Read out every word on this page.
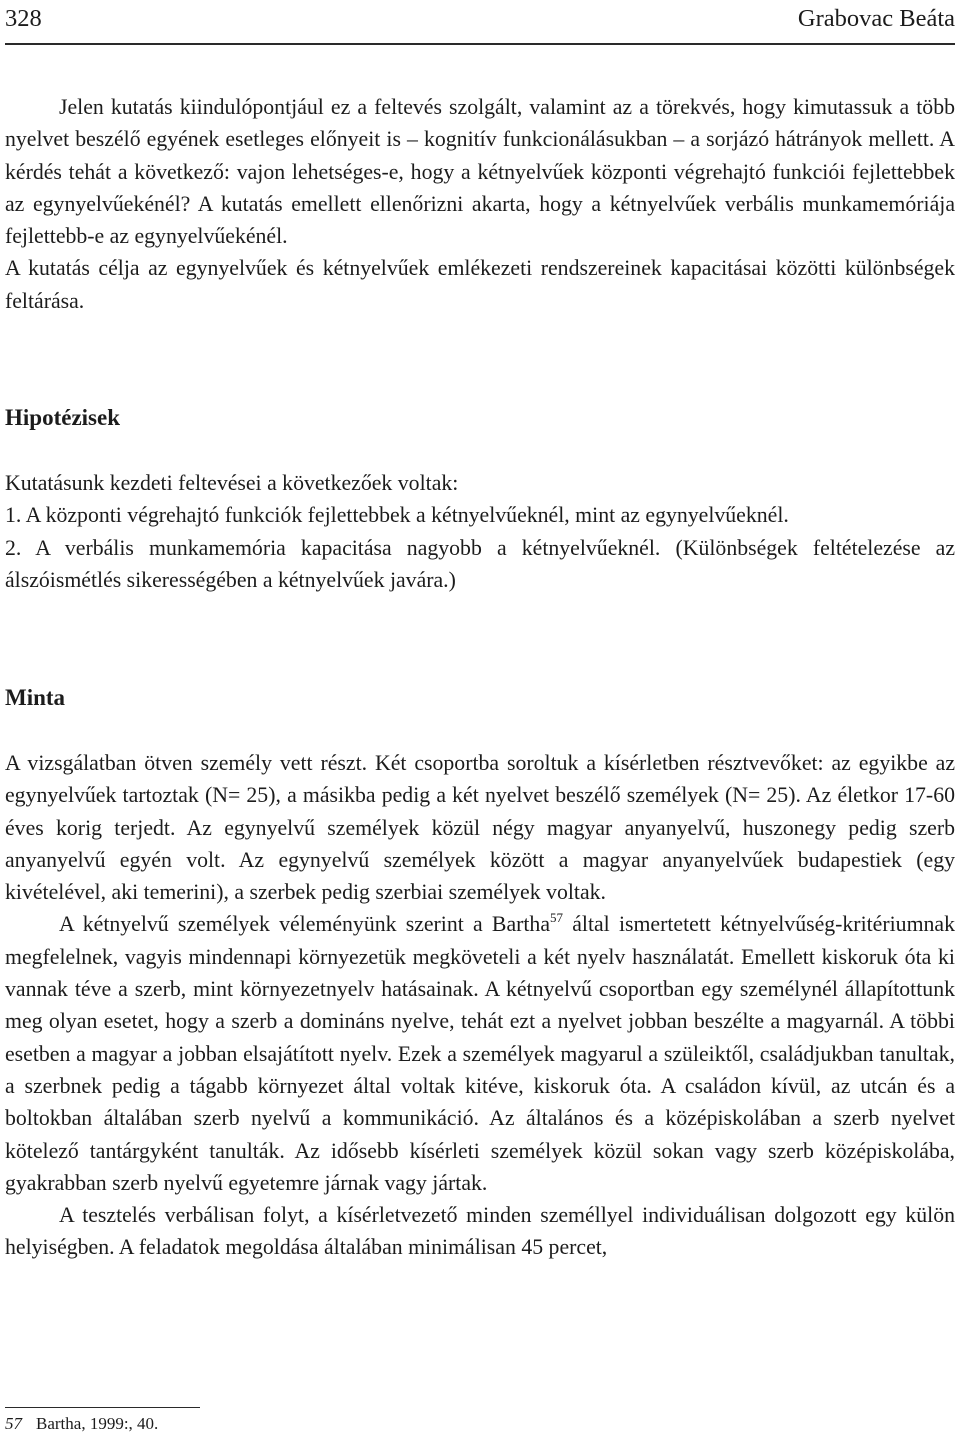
328	Grabovac Beáta

Jelen kutatás kiindulópontjául ez a feltevés szolgált, valamint az a törekvés, hogy kimutassuk a több nyelvet beszélő egyének esetleges előnyeit is – kognitív funkcionálásukban – a sorjázó hátrányok mellett. A kérdés tehát a következő: vajon lehetséges-e, hogy a kétnyelvűek központi végrehajtó funkciói fejlettebbek az egynyelvűekénél? A kutatás emellett ellenőrizni akarta, hogy a kétnyelvűek verbális munkamemóriája fejlettebb-e az egynyelvűekénél.

A kutatás célja az egynyelvűek és kétnyelvűek emlékezeti rendszereinek kapacitásai közötti különbségek feltárása.

Hipotézisek

Kutatásunk kezdeti feltevései a következőek voltak:

1. A központi végrehajtó funkciók fejlettebbek a kétnyelvűeknél, mint az egynyelvűeknél.

2. A verbális munkamemória kapacitása nagyobb a kétnyelvűeknél. (Különbségek feltételezése az álszóismétlés sikerességében a kétnyelvűek javára.)

Minta

A vizsgálatban ötven személy vett részt. Két csoportba soroltuk a kísérletben résztvevőket: az egyikbe az egynyelvűek tartoztak (N= 25), a másikba pedig a két nyelvet beszélő személyek (N= 25). Az életkor 17-60 éves korig terjedt. Az egynyelvű személyek közül négy magyar anyanyelvű, huszonegy pedig szerb anyanyelvű egyén volt. Az egynyelvű személyek között a magyar anyanyelvűek budapestiek (egy kivételével, aki temerini), a szerbek pedig szerbiai személyek voltak.

A kétnyelvű személyek véleményünk szerint a Bartha$^{57}$ által ismertetett kétnyelvűség-kritériumnak megfelelnek, vagyis mindennapi környezetük megköveteli a két nyelv használatát. Emellett kiskoruk óta ki vannak téve a szerb, mint környezetnyelv hatásainak. A kétnyelvű csoportban egy személynél állapítottunk meg olyan esetet, hogy a szerb a domináns nyelve, tehát ezt a nyelvet jobban beszélte a magyarnál. A többi esetben a magyar a jobban elsajátított nyelv. Ezek a személyek magyarul a szüleiktől, családjukban tanultak, a szerbnek pedig a tágabb környezet által voltak kitéve, kiskoruk óta. A családon kívül, az utcán és a boltokban általában szerb nyelvű a kommunikáció. Az általános és a középiskolában a szerb nyelvet kötelező tantárgyként tanulták. Az idősebb kísérleti személyek közül sokan vagy szerb középiskolába, gyakrabban szerb nyelvű egyetemre járnak vagy jártak.

A tesztelés verbálisan folyt, a kísérletvezető minden személlyel individuálisan dolgozott egy külön helyiségben. A feladatok megoldása általában minimálisan 45 percet,

57 Bartha, 1999:, 40.
